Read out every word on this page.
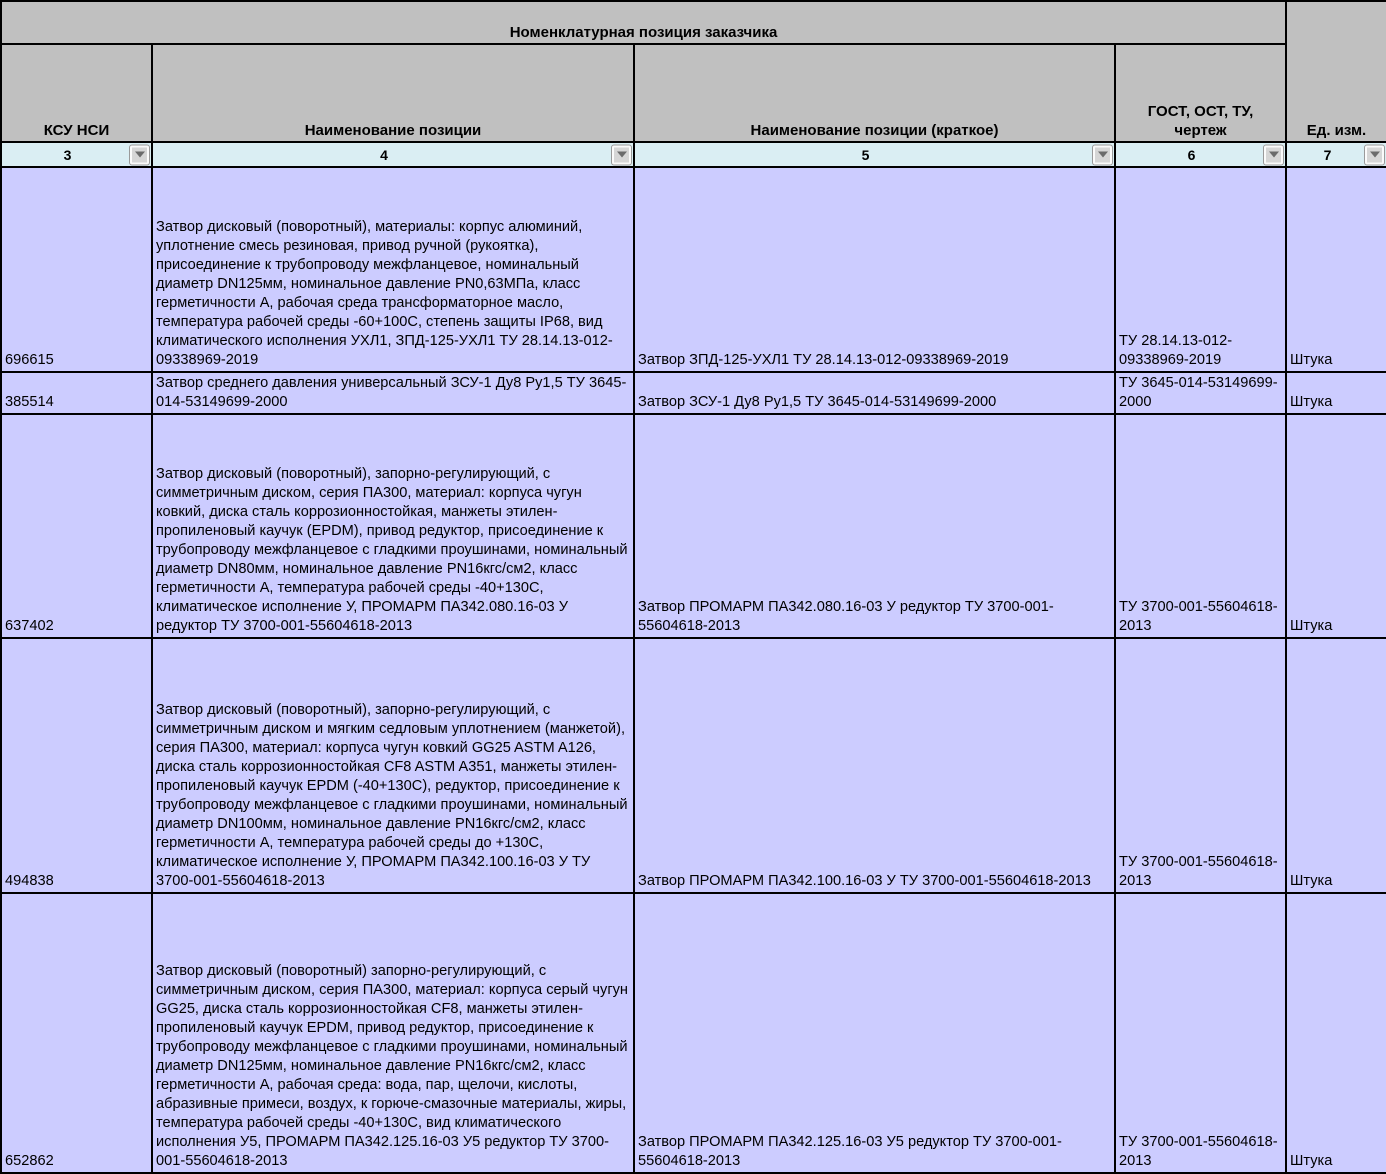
Номенклатурная позиция заказчика				Ед. изм.
КСУ НСИ	Наименование позиции	Наименование позиции (краткое)	ГОСТ, ОСТ, ТУ, чертеж	
3	4	5	6	7

696615	Затвор дисковый (поворотный), материалы: корпус алюминий, уплотнение смесь резиновая, привод ручной (рукоятка), присоединение к трубопроводу межфланцевое, номинальный диаметр DN125мм, номинальное давление PN0,63МПа, класс герметичности А, рабочая среда трансформаторное масло, температура рабочей среды -60+100С, степень защиты IP68, вид климатического исполнения УХЛ1, ЗПД-125-УХЛ1 ТУ 28.14.13-012-09338969-2019	Затвор ЗПД-125-УХЛ1 ТУ 28.14.13-012-09338969-2019	ТУ 28.14.13-012-09338969-2019	Штука
385514	Затвор среднего давления универсальный ЗСУ-1 Ду8 Ру1,5 ТУ 3645-014-53149699-2000	Затвор ЗСУ-1 Ду8 Ру1,5 ТУ 3645-014-53149699-2000	ТУ 3645-014-53149699-2000	Штука
637402	Затвор дисковый (поворотный), запорно-регулирующий, с симметричным диском, серия ПА300, материал: корпуса чугун ковкий, диска сталь коррозионностойкая, манжеты этилен-пропиленовый каучук (EPDM), привод редуктор, присоединение к трубопроводу межфланцевое с гладкими проушинами, номинальный диаметр DN80мм, номинальное давление PN16кгс/см2, класс герметичности А, температура рабочей среды -40+130С, климатическое исполнение У, ПРОМАРМ ПА342.080.16-03 У редуктор ТУ 3700-001-55604618-2013	Затвор ПРОМАРМ ПА342.080.16-03 У редуктор ТУ 3700-001-55604618-2013	ТУ 3700-001-55604618-2013	Штука
494838	Затвор дисковый (поворотный), запорно-регулирующий, с симметричным диском и мягким седловым уплотнением (манжетой), серия ПА300, материал: корпуса чугун ковкий GG25 ASTM A126, диска сталь коррозионностойкая CF8 ASTM A351, манжеты этилен-пропиленовый каучук EPDM (-40+130С), редуктор, присоединение к трубопроводу межфланцевое с гладкими проушинами, номинальный диаметр DN100мм, номинальное давление PN16кгс/см2, класс герметичности А, температура рабочей среды до +130С, климатическое исполнение У, ПРОМАРМ ПА342.100.16-03 У ТУ 3700-001-55604618-2013	Затвор ПРОМАРМ ПА342.100.16-03 У ТУ 3700-001-55604618-2013	ТУ 3700-001-55604618-2013	Штука
652862	Затвор дисковый (поворотный) запорно-регулирующий, с симметричным диском, серия ПА300, материал: корпуса серый чугун GG25, диска сталь коррозионностойкая CF8, манжеты этилен-пропиленовый каучук EPDM, привод редуктор, присоединение к трубопроводу межфланцевое с гладкими проушинами, номинальный диаметр DN125мм, номинальное давление PN16кгс/см2, класс герметичности А, рабочая среда: вода, пар, щелочи, кислоты, абразивные примеси, воздух, к горюче-смазочные материалы, жиры, температура рабочей среды -40+130С, вид климатического исполнения У5, ПРОМАРМ ПА342.125.16-03 У5 редуктор ТУ 3700-001-55604618-2013	Затвор ПРОМАРМ ПА342.125.16-03 У5 редуктор ТУ 3700-001-55604618-2013	ТУ 3700-001-55604618-2013	Штука
